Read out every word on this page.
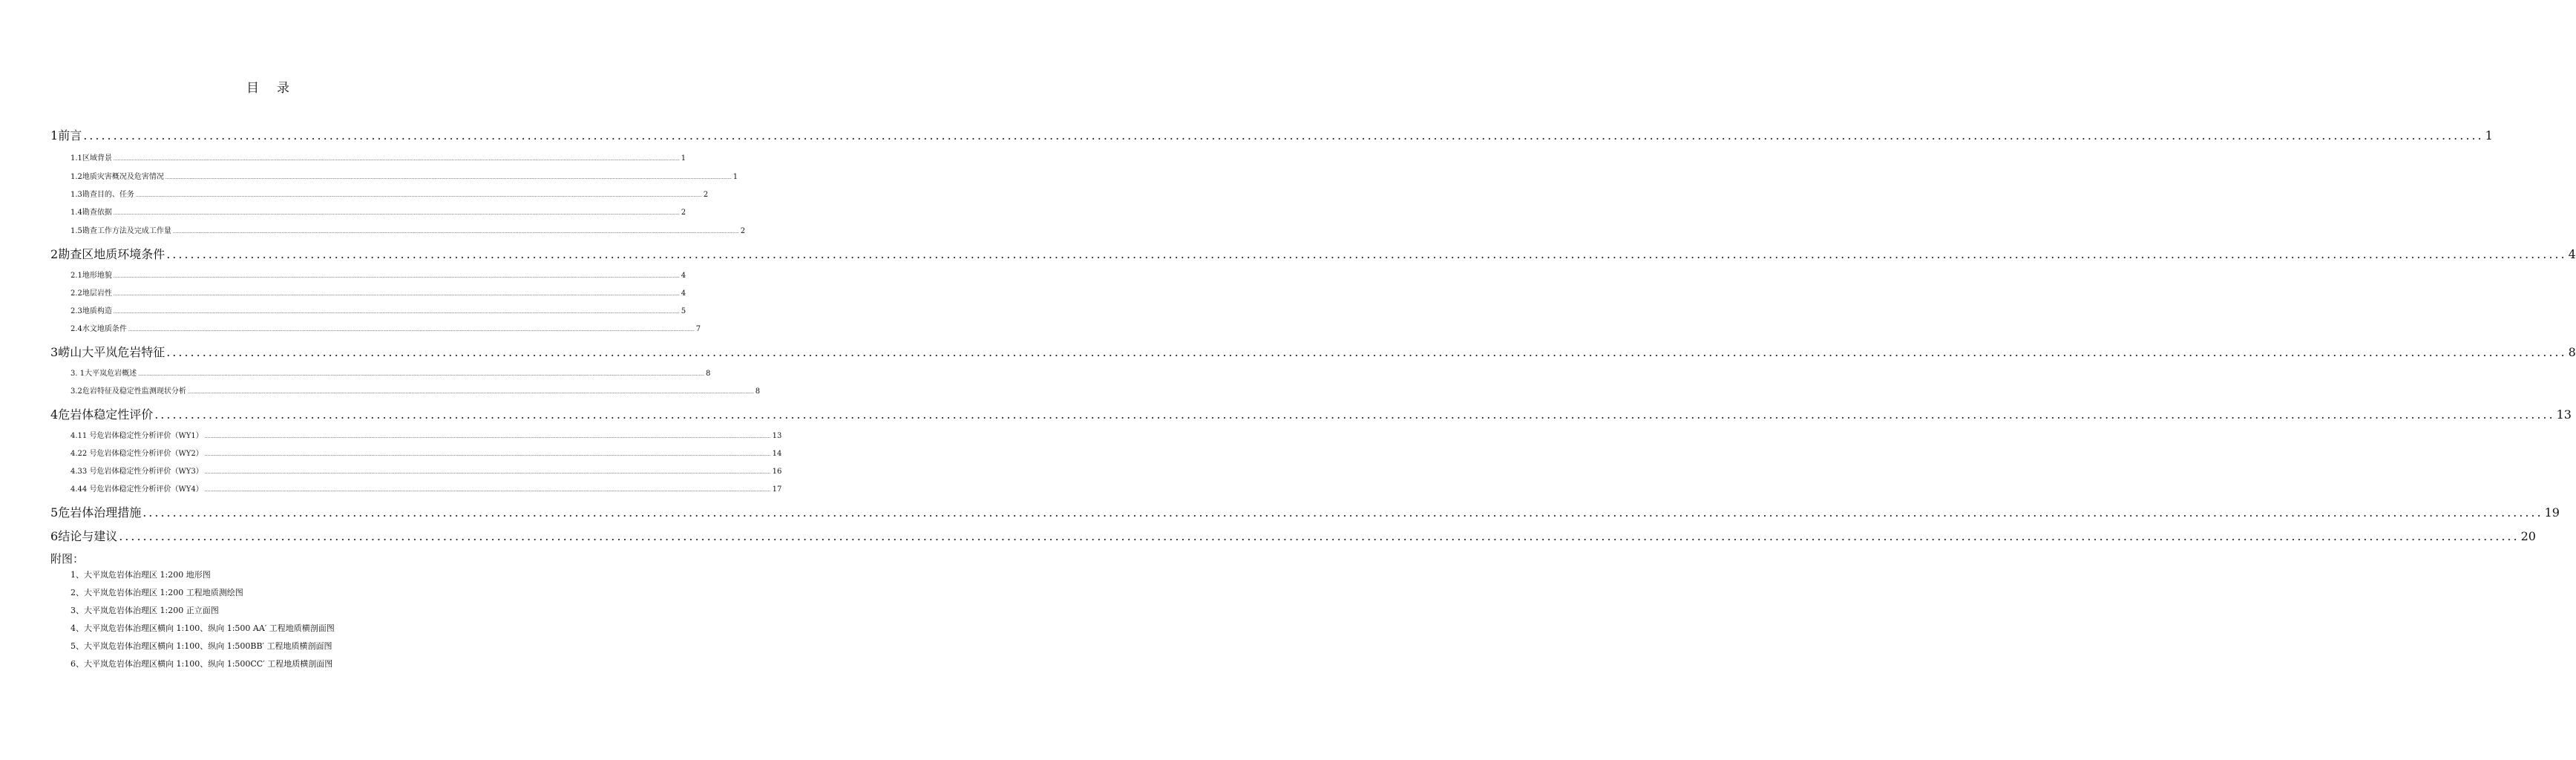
目 录
1 前言 ................................................................................................................................................................................................................................................................................................................................................................................................................ 1
1.1 区域背景 ................................................................................................................................................................................................................................................................................................................................................................................................................ 1
1.2 地质灾害概况及危害情况 ................................................................................................................................................................................................................................................................................................................................................................................................................ 1
1.3 勘查目的、任务 ................................................................................................................................................................................................................................................................................................................................................................................................................ 2
1.4 勘查依据 ................................................................................................................................................................................................................................................................................................................................................................................................................ 2
1.5 勘查工作方法及完成工作量 ................................................................................................................................................................................................................................................................................................................................................................................................................ 2
2 勘查区地质环境条件 ................................................................................................................................................................................................................................................................................................................................................................................................................ 4
2.1 地形地貌 ................................................................................................................................................................................................................................................................................................................................................................................................................ 4
2.2 地层岩性 ................................................................................................................................................................................................................................................................................................................................................................................................................ 4
2.3 地质构造 ................................................................................................................................................................................................................................................................................................................................................................................................................ 5
2.4 水文地质条件 ................................................................................................................................................................................................................................................................................................................................................................................................................ 7
3 崂山大平岚危岩特征 ................................................................................................................................................................................................................................................................................................................................................................................................................ 8
3. 1 大平岚危岩概述 ................................................................................................................................................................................................................................................................................................................................................................................................................ 8
3.2 危岩特征及稳定性监测现状分析 ................................................................................................................................................................................................................................................................................................................................................................................................................ 8
4 危岩体稳定性评价 ................................................................................................................................................................................................................................................................................................................................................................................................................ 13
4.1 1 号危岩体稳定性分析评价（WY1） ................................................................................................................................................................................................................................................................................................................................................................................................................ 13
4.2 2 号危岩体稳定性分析评价（WY2） ................................................................................................................................................................................................................................................................................................................................................................................................................ 14
4.3 3 号危岩体稳定性分析评价（WY3） ................................................................................................................................................................................................................................................................................................................................................................................................................ 16
4.4 4 号危岩体稳定性分析评价（WY4） ................................................................................................................................................................................................................................................................................................................................................................................................................ 17
5 危岩体治理措施 ................................................................................................................................................................................................................................................................................................................................................................................................................ 19
6 结论与建议 ................................................................................................................................................................................................................................................................................................................................................................................................................ 20
附图：
1、大平岚危岩体治理区 1:200 地形图
2、大平岚危岩体治理区 1:200 工程地质测绘图
3、大平岚危岩体治理区 1:200 正立面图
4、大平岚危岩体治理区横向 1:100、纵向 1:500 AA′ 工程地质横剖面图
5、大平岚危岩体治理区横向 1:100、纵向 1:500BB′ 工程地质横剖面图
6、大平岚危岩体治理区横向 1:100、纵向 1:500CC′ 工程地质横剖面图
